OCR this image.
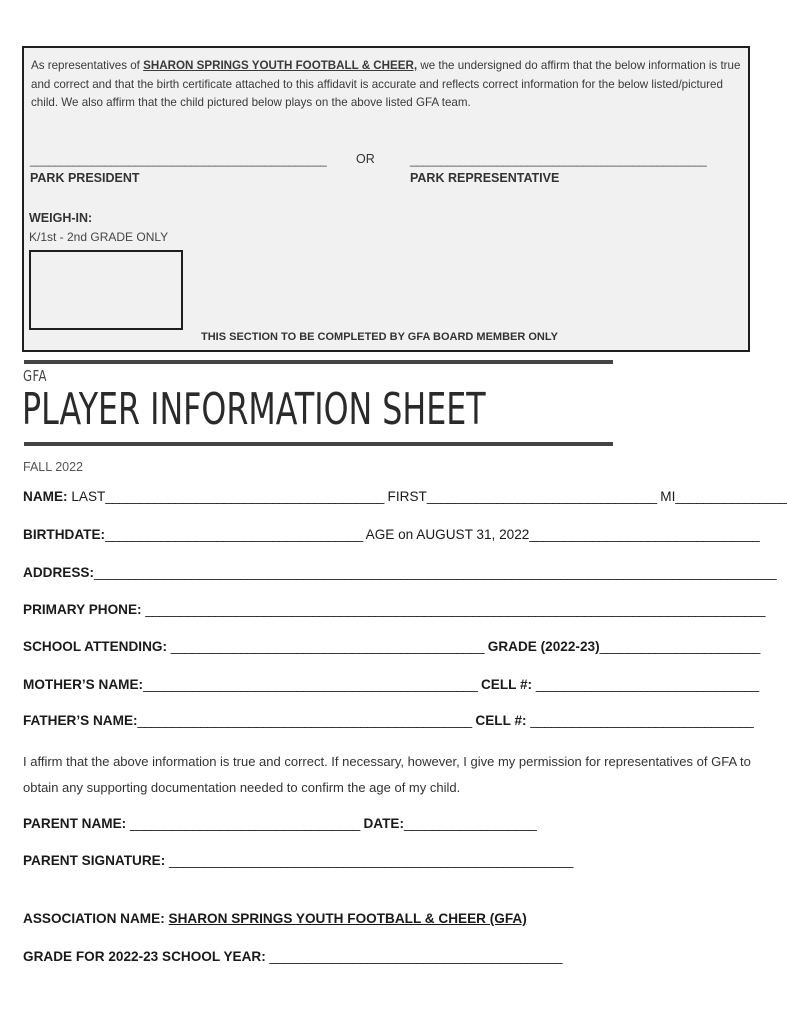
As representatives of SHARON SPRINGS YOUTH FOOTBALL & CHEER, we the undersigned do affirm that the below information is true and correct and that the birth certificate attached to this affidavit is accurate and reflects correct information for the below listed/pictured child. We also affirm that the child pictured below plays on the above listed GFA team.
________________________________________________ OR	________________________________________________
PARK PRESIDENT	PARK REPRESENTATIVE
WEIGH-IN:
K/1st - 2nd GRADE ONLY
THIS SECTION TO BE COMPLETED BY GFA BOARD MEMBER ONLY
GFA
PLAYER INFORMATION SHEET
FALL 2022
NAME: LAST________________________________________ FIRST_________________________________ MI________________
BIRTHDATE:_____________________________________ AGE on AUGUST 31, 2022_________________________________
ADDRESS:__________________________________________________________________________________________________
PRIMARY PHONE: _________________________________________________________________________________________
SCHOOL ATTENDING: _____________________________________________ GRADE (2022-23)_______________________
MOTHER’S NAME:________________________________________________ CELL #: ________________________________
FATHER’S NAME:________________________________________________ CELL #: ________________________________
I affirm that the above information is true and correct. If necessary, however, I give my permission for representatives of GFA to obtain any supporting documentation needed to confirm the age of my child.
PARENT NAME: _________________________________ DATE:___________________
PARENT SIGNATURE: __________________________________________________________
ASSOCIATION NAME: SHARON SPRINGS YOUTH FOOTBALL & CHEER (GFA)
GRADE FOR 2022-23 SCHOOL YEAR: __________________________________________
